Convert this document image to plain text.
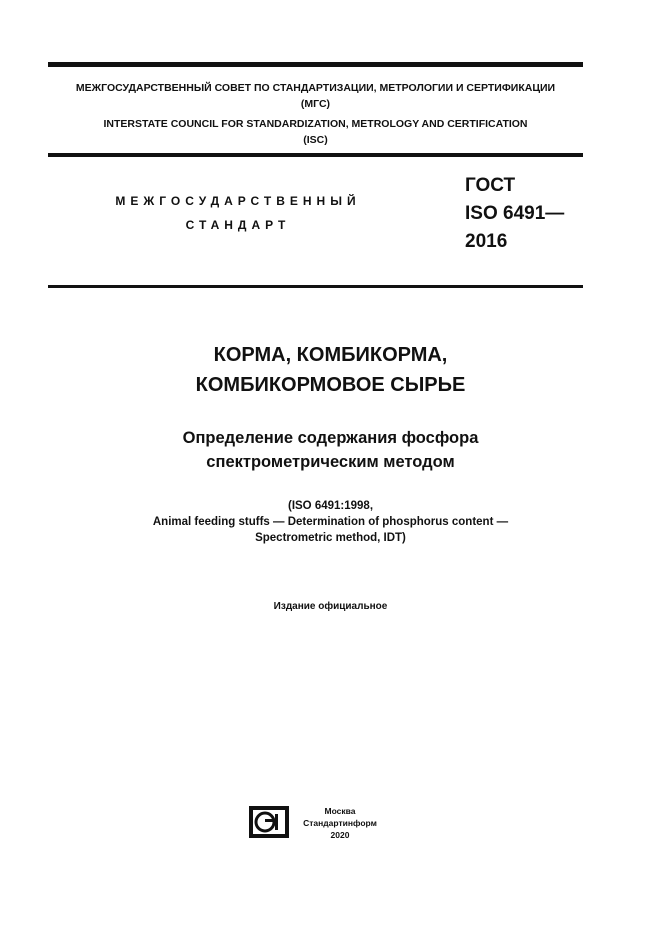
МЕЖГОСУДАРСТВЕННЫЙ СОВЕТ ПО СТАНДАРТИЗАЦИИ, МЕТРОЛОГИИ И СЕРТИФИКАЦИИ
(МГС)
INTERSTATE COUNCIL FOR STANDARDIZATION, METROLOGY AND CERTIFICATION
(ISC)
МЕЖГОСУДАРСТВЕННЫЙ
СТАНДАРТ
ГОСТ
ISO 6491—
2016
КОРМА, КОМБИКОРМА,
КОМБИКОРМОВОЕ СЫРЬЕ
Определение содержания фосфора
спектрометрическим методом
(ISO 6491:1998,
Animal feeding stuffs — Determination of phosphorus content —
Spectrometric method, IDT)
Издание официальное
Москва
Стандартинформ
2020
